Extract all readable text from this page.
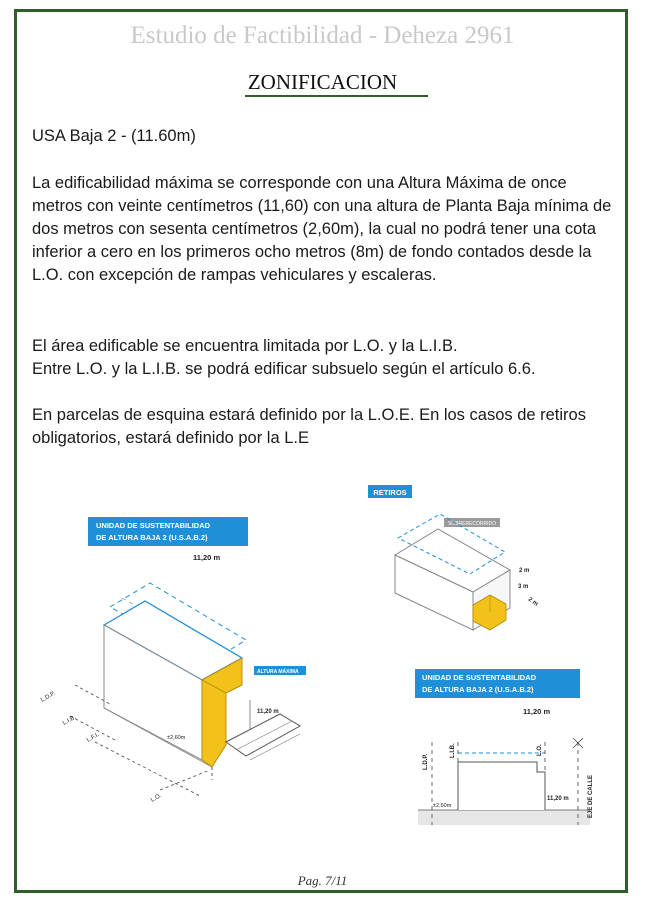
Estudio de Factibilidad - Deheza 2961
ZONIFICACION

USA Baja 2 - (11.60m)

La edificabilidad máxima se corresponde con una Altura Máxima de once metros con veinte centímetros (11,60) con una altura de Planta Baja mínima de dos metros con sesenta centímetros (2,60m), la cual no podrá tener una cota inferior a cero en los primeros ocho metros (8m) de fondo contados desde la L.O. con excepción de rampas vehiculares y escaleras.

El área edificable se encuentra limitada por L.O. y la L.I.B.
Entre L.O. y la L.I.B. se podrá edificar subsuelo según el artículo 6.6.

En parcelas de esquina estará definido por la L.O.E. En los casos de retiros obligatorios, estará definido por la L.E

RETIROS
SOBRERECORRIDO
2 m
3 m
2 m
UNIDAD DE SUSTENTABILIDAD
DE ALTURA BAJA 2 (U.S.A.B.2)
11,20 m
ALTURA MÁXIMA
11,20 m
±2,60m
L.D.P.
L.I.B.
L.F.I.
L.O.
UNIDAD DE SUSTENTABILIDAD
DE ALTURA BAJA 2 (U.S.A.B.2)
11,20 m
L.D.P.
L.I.B.	L.O.
11,20 m
±2,60m	EJE DE CALLE
Pag. 7/11
